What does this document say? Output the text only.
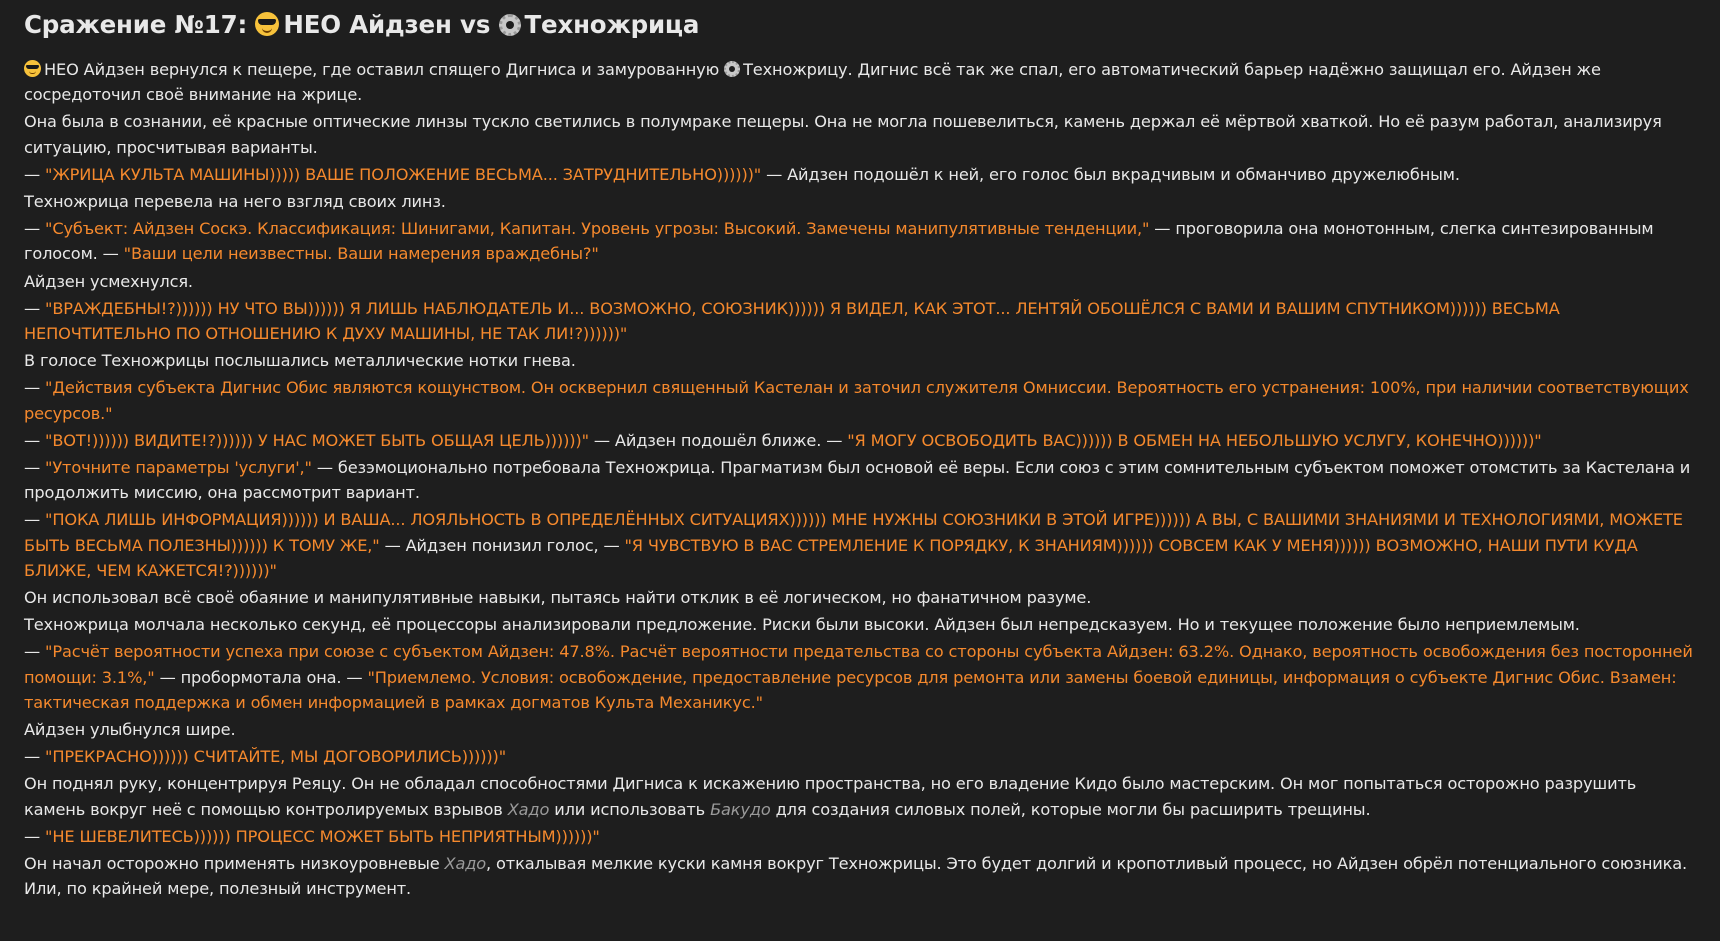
Сражение №17: НЕО Айдзен vs Техножрица

НЕО Айдзен вернулся к пещере, где оставил спящего Дигниса и замурованную Техножрицу. Дигнис всё так же спал, его автоматический барьер надёжно защищал его. Айдзен же сосредоточил своё внимание на жрице.

Она была в сознании, её красные оптические линзы тускло светились в полумраке пещеры. Она не могла пошевелиться, камень держал её мёртвой хваткой. Но её разум работал, анализируя ситуацию, просчитывая варианты.

— "ЖРИЦА КУЛЬТА МАШИНЫ))))) ВАШЕ ПОЛОЖЕНИЕ ВЕСЬМА... ЗАТРУДНИТЕЛЬНО))))))" — Айдзен подошёл к ней, его голос был вкрадчивым и обманчиво дружелюбным.

Техножрица перевела на него взгляд своих линз.

— "Субъект: Айдзен Соскэ. Классификация: Шинигами, Капитан. Уровень угрозы: Высокий. Замечены манипулятивные тенденции," — проговорила она монотонным, слегка синтезированным голосом. — "Ваши цели неизвестны. Ваши намерения враждебны?"

Айдзен усмехнулся.

— "ВРАЖДЕБНЫ!?)))))) НУ ЧТО ВЫ)))))) Я ЛИШЬ НАБЛЮДАТЕЛЬ И... ВОЗМОЖНО, СОЮЗНИК)))))) Я ВИДЕЛ, КАК ЭТОТ... ЛЕНТЯЙ ОБОШЁЛСЯ С ВАМИ И ВАШИМ СПУТНИКОМ)))))) ВЕСЬМА НЕПОЧТИТЕЛЬНО ПО ОТНОШЕНИЮ К ДУХУ МАШИНЫ, НЕ ТАК ЛИ!?))))))"

В голосе Техножрицы послышались металлические нотки гнева.

— "Действия субъекта Дигнис Обис являются кощунством. Он осквернил священный Кастелан и заточил служителя Омниссии. Вероятность его устранения: 100%, при наличии соответствующих ресурсов."

— "ВОТ!)))))) ВИДИТЕ!?)))))) У НАС МОЖЕТ БЫТЬ ОБЩАЯ ЦЕЛЬ))))))" — Айдзен подошёл ближе. — "Я МОГУ ОСВОБОДИТЬ ВАС)))))) В ОБМЕН НА НЕБОЛЬШУЮ УСЛУГУ, КОНЕЧНО))))))"

— "Уточните параметры 'услуги'," — безэмоционально потребовала Техножрица. Прагматизм был основой её веры. Если союз с этим сомнительным субъектом поможет отомстить за Кастелана и продолжить миссию, она рассмотрит вариант.

— "ПОКА ЛИШЬ ИНФОРМАЦИЯ)))))) И ВАША... ЛОЯЛЬНОСТЬ В ОПРЕДЕЛЁННЫХ СИТУАЦИЯХ)))))) МНЕ НУЖНЫ СОЮЗНИКИ В ЭТОЙ ИГРЕ)))))) А ВЫ, С ВАШИМИ ЗНАНИЯМИ И ТЕХНОЛОГИЯМИ, МОЖЕТЕ БЫТЬ ВЕСЬМА ПОЛЕЗНЫ)))))) К ТОМУ ЖЕ," — Айдзен понизил голос, — "Я ЧУВСТВУЮ В ВАС СТРЕМЛЕНИЕ К ПОРЯДКУ, К ЗНАНИЯМ)))))) СОВСЕМ КАК У МЕНЯ)))))) ВОЗМОЖНО, НАШИ ПУТИ КУДА БЛИЖЕ, ЧЕМ КАЖЕТСЯ!?))))))"

Он использовал всё своё обаяние и манипулятивные навыки, пытаясь найти отклик в её логическом, но фанатичном разуме.

Техножрица молчала несколько секунд, её процессоры анализировали предложение. Риски были высоки. Айдзен был непредсказуем. Но и текущее положение было неприемлемым.

— "Расчёт вероятности успеха при союзе с субъектом Айдзен: 47.8%. Расчёт вероятности предательства со стороны субъекта Айдзен: 63.2%. Однако, вероятность освобождения без посторонней помощи: 3.1%," — пробормотала она. — "Приемлемо. Условия: освобождение, предоставление ресурсов для ремонта или замены боевой единицы, информация о субъекте Дигнис Обис. Взамен: тактическая поддержка и обмен информацией в рамках догматов Культа Механикус."

Айдзен улыбнулся шире.

— "ПРЕКРАСНО)))))) СЧИТАЙТЕ, МЫ ДОГОВОРИЛИСЬ))))))"

Он поднял руку, концентрируя Реяцу. Он не обладал способностями Дигниса к искажению пространства, но его владение Кидо было мастерским. Он мог попытаться осторожно разрушить камень вокруг неё с помощью контролируемых взрывов Хадо или использовать Бакудо для создания силовых полей, которые могли бы расширить трещины.

— "НЕ ШЕВЕЛИТЕСЬ)))))) ПРОЦЕСС МОЖЕТ БЫТЬ НЕПРИЯТНЫМ))))))"

Он начал осторожно применять низкоуровневые Хадо, откалывая мелкие куски камня вокруг Техножрицы. Это будет долгий и кропотливый процесс, но Айдзен обрёл потенциального союзника. Или, по крайней мере, полезный инструмент.
